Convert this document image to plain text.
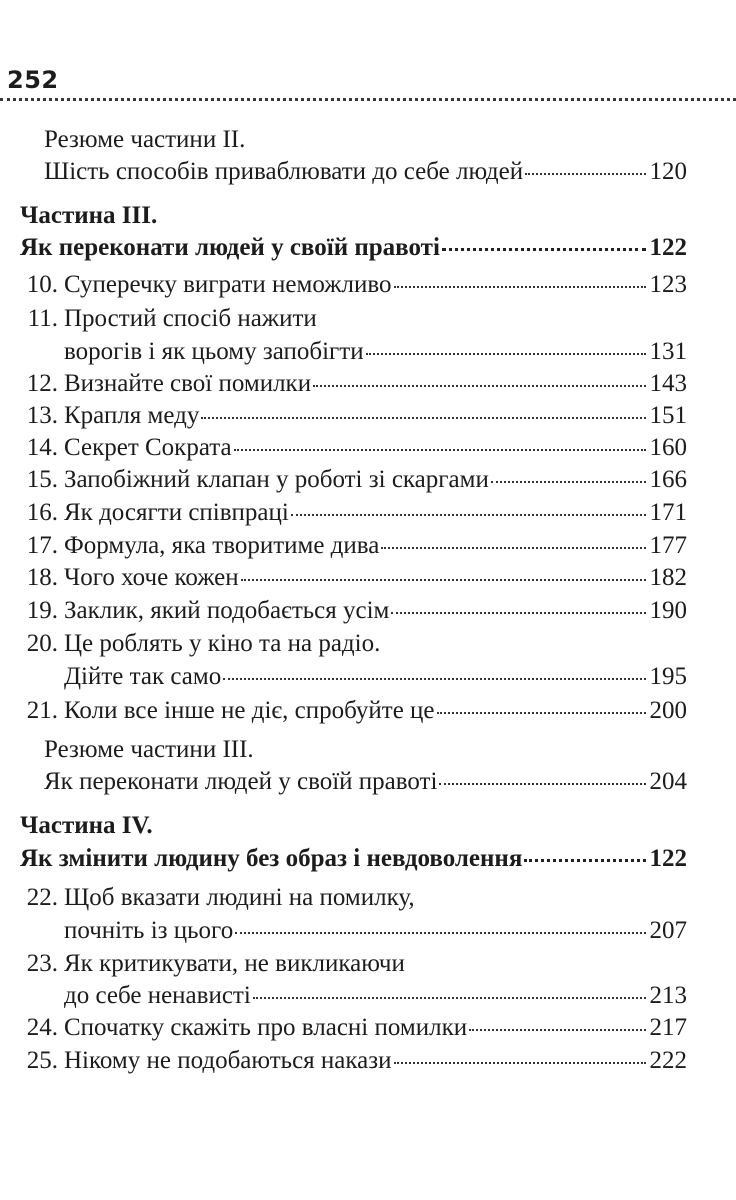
252
Резюме частини II.
Шість способів приваблювати до себе людей	120
Частина III.
Як переконати людей у своїй правоті	122
10. Суперечку виграти неможливо	123
11. Простий спосіб нажити
ворогів і як цьому запобігти	131
12. Визнайте свої помилки	143
13. Крапля меду	151
14. Секрет Сократа	160
15. Запобіжний клапан у роботі зі скаргами	166
16. Як досягти співпраці	171
17. Формула, яка творитиме дива	177
18. Чого хоче кожен	182
19. Заклик, який подобається усім	190
20. Це роблять у кіно та на радіо.
Дійте так само	195
21. Коли все інше не діє, спробуйте це	200
Резюме частини III.
Як переконати людей у своїй правоті	204
Частина IV.
Як змінити людину без образ і невдоволення	122
22. Щоб вказати людині на помилку,
почніть із цього	207
23. Як критикувати, не викликаючи
до себе ненависті	213
24. Спочатку скажіть про власні помилки	217
25. Нікому не подобаються накази	222
